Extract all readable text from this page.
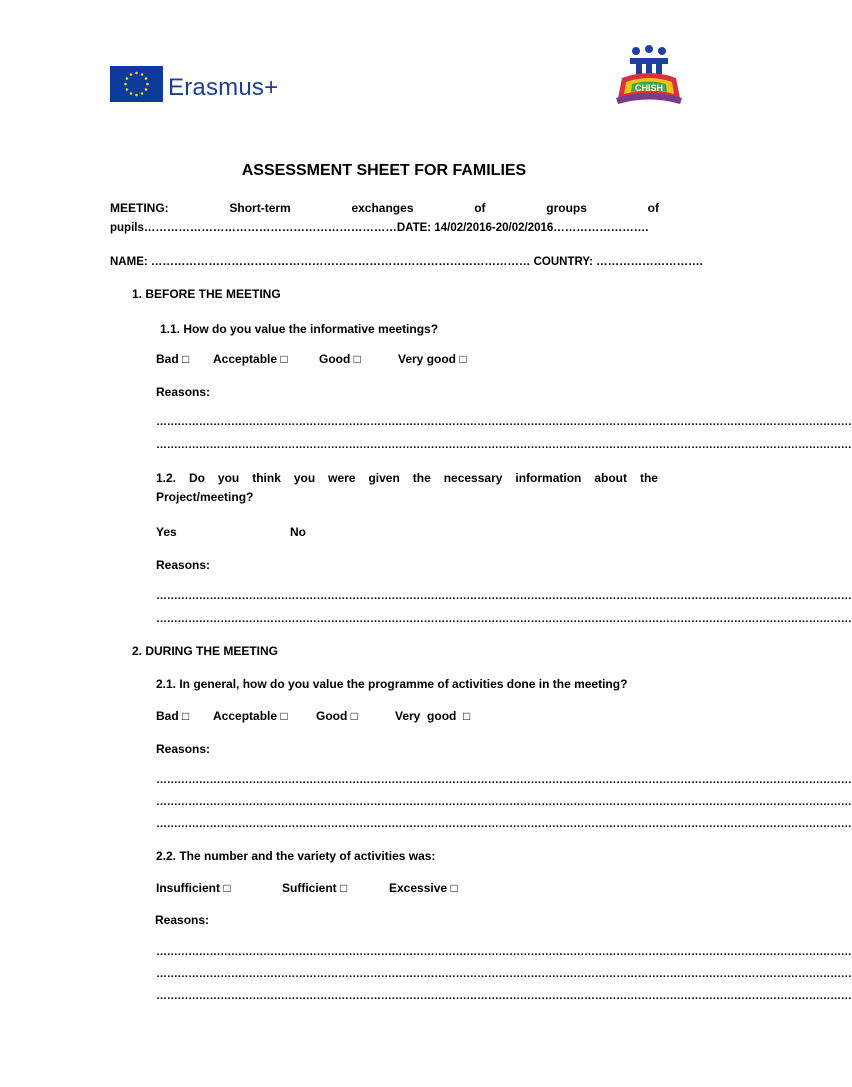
Erasmus+	CHISH
ASSESSMENT SHEET FOR FAMILIES
MEETING:	Short-term	exchanges	of	groups	of
pupils…………………………………………………………DATE: 14/02/2016-20/02/2016…………………….
NAME: ……………………………………………………………………………………… COUNTRY: ……………………….
1. BEFORE THE MEETING
1.1. How do you value the informative meetings?
Bad □ Acceptable □	Good □	Very good □
Reasons:
……………………………………………………………………………………………………………………………………………………………………………
……………………………………………………………………………………………………………………………………………………………………………
1.2. Do you think you were given the necessary information about the
Project/meeting?
Yes	No
Reasons:
……………………………………………………………………………………………………………………………………………………………………………
……………………………………………………………………………………………………………………………………………………………………………
2. DURING THE MEETING
2.1. In general, how do you value the programme of activities done in the meeting?
Bad □ Acceptable □ Good □	Very  good  □
Reasons:
……………………………………………………………………………………………………………………………………………………………………………
……………………………………………………………………………………………………………………………………………………………………………
……………………………………………………………………………………………………………………………………………………………………………
2.2. The number and the variety of activities was:
Insufficient □	Sufficient □	Excessive □
Reasons:
……………………………………………………………………………………………………………………………………………………………………………
……………………………………………………………………………………………………………………………………………………………………………
……………………………………………………………………………………………………………………………………………………………………………
